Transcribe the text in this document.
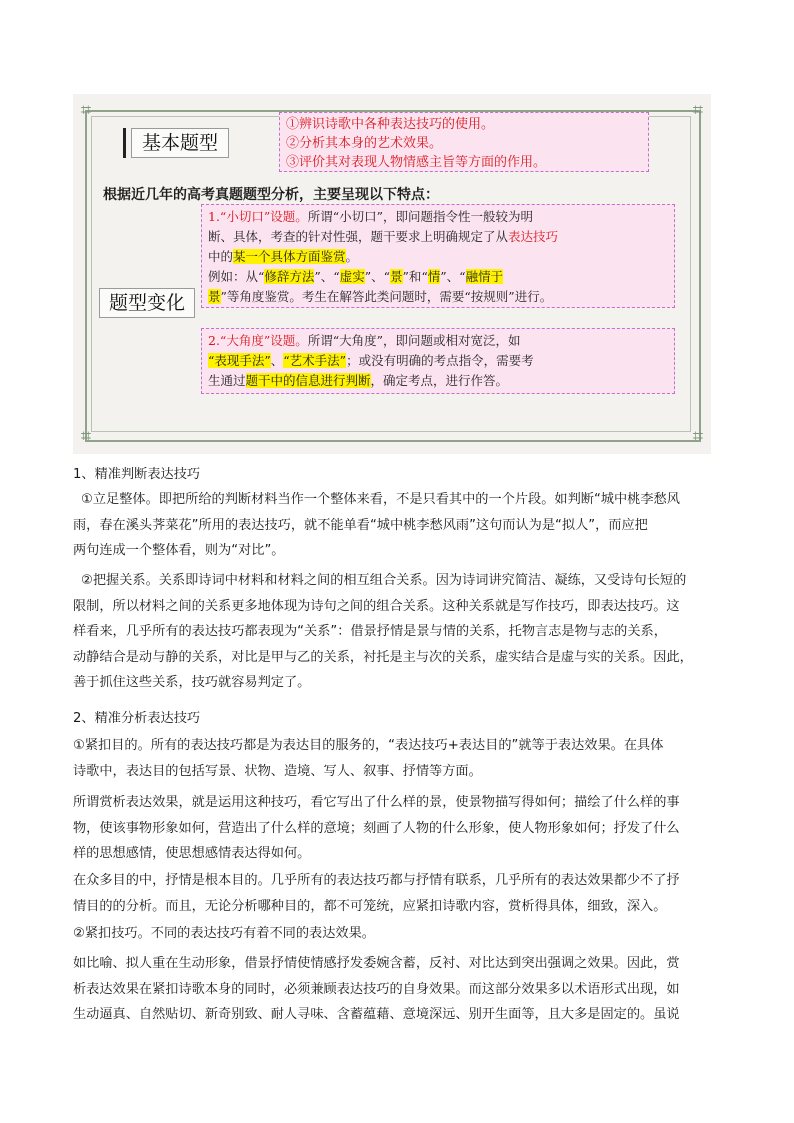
⌗	⌗
⌗	⌗
基本题型
①辨识诗歌中各种表达技巧的使用。
②分析其本身的艺术效果。
③评价其对表现人物情感主旨等方面的作用。
根据近几年的高考真题题型分析，主要呈现以下特点：
题型变化
1.“小切口”设题。所谓“小切口”，即问题指令性一般较为明
断、具体，考查的针对性强，题干要求上明确规定了从表达技巧
中的某一个具体方面鉴赏。
例如：从“修辞方法”、“虚实”、“景”和“情”、“融情于
景”等角度鉴赏。考生在解答此类问题时，需要“按规则”进行。
2.“大角度”设题。所谓“大角度”，即问题或相对宽泛，如
“表现手法”、“艺术手法”；或没有明确的考点指令，需要考
生通过题干中的信息进行判断，确定考点，进行作答。
1、精准判断表达技巧
①立足整体。即把所给的判断材料当作一个整体来看，不是只看其中的一个片段。如判断“城中桃李愁风
雨，春在溪头荠菜花”所用的表达技巧，就不能单看“城中桃李愁风雨”这句而认为是“拟人”，而应把
两句连成一个整体看，则为“对比”。
②把握关系。关系即诗词中材料和材料之间的相互组合关系。因为诗词讲究简洁、凝练，又受诗句长短的
限制，所以材料之间的关系更多地体现为诗句之间的组合关系。这种关系就是写作技巧，即表达技巧。这
样看来，几乎所有的表达技巧都表现为“关系”：借景抒情是景与情的关系，托物言志是物与志的关系，
动静结合是动与静的关系，对比是甲与乙的关系，衬托是主与次的关系，虚实结合是虚与实的关系。因此，
善于抓住这些关系，技巧就容易判定了。
2、精准分析表达技巧
①紧扣目的。所有的表达技巧都是为表达目的服务的，“表达技巧+表达目的”就等于表达效果。在具体
诗歌中，表达目的包括写景、状物、造境、写人、叙事、抒情等方面。
所谓赏析表达效果，就是运用这种技巧，看它写出了什么样的景，使景物描写得如何；描绘了什么样的事
物，使该事物形象如何，营造出了什么样的意境；刻画了人物的什么形象，使人物形象如何；抒发了什么
样的思想感情，使思想感情表达得如何。
在众多目的中，抒情是根本目的。几乎所有的表达技巧都与抒情有联系，几乎所有的表达效果都少不了抒
情目的的分析。而且，无论分析哪种目的，都不可笼统，应紧扣诗歌内容，赏析得具体，细致，深入。
②紧扣技巧。不同的表达技巧有着不同的表达效果。
如比喻、拟人重在生动形象，借景抒情使情感抒发委婉含蓄，反衬、对比达到突出强调之效果。因此，赏
析表达效果在紧扣诗歌本身的同时，必须兼顾表达技巧的自身效果。而这部分效果多以术语形式出现，如
生动逼真、自然贴切、新奇别致、耐人寻味、含蓄蕴藉、意境深远、别开生面等，且大多是固定的。虽说
